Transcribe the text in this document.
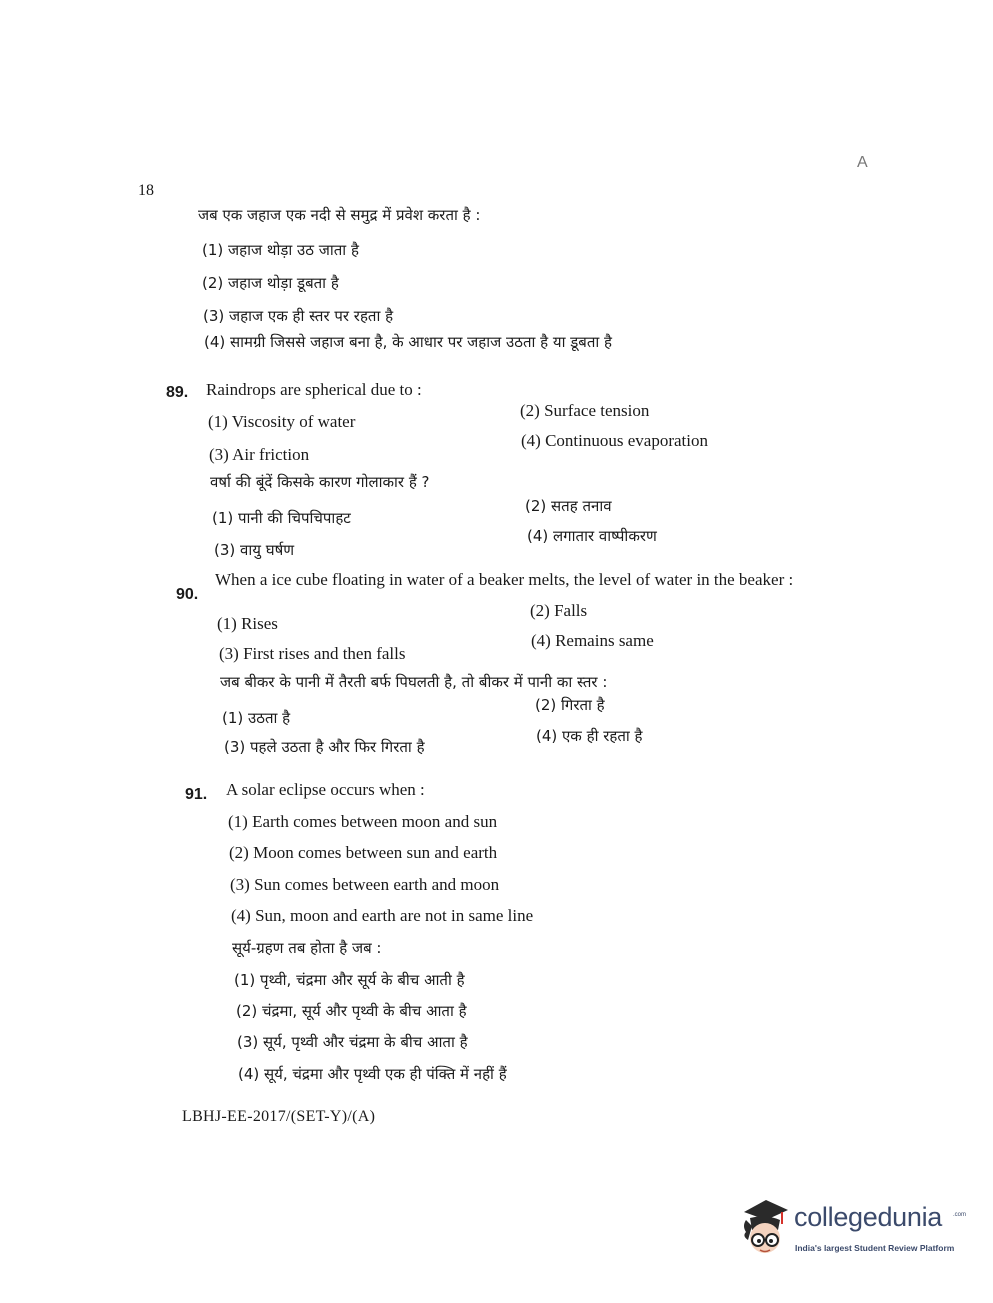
18
A
जब एक जहाज एक नदी से समुद्र में प्रवेश करता है :
(1) जहाज थोड़ा उठ जाता है
(2) जहाज थोड़ा डूबता है
(3) जहाज एक ही स्तर पर रहता है
(4) सामग्री जिससे जहाज बना है, के आधार पर जहाज उठता है या डूबता है
89. Raindrops are spherical due to :
(1) Viscosity of water
(2) Surface tension
(3) Air friction
(4) Continuous evaporation
वर्षा की बूंदें किसके कारण गोलाकार हैं ?
(1) पानी की चिपचिपाहट
(2) सतह तनाव
(3) वायु घर्षण
(4) लगातार वाष्पीकरण
90.
When a ice cube floating in water of a beaker melts, the level of water in the beaker :
(1) Rises
(2) Falls
(3) First rises and then falls
(4) Remains same
जब बीकर के पानी में तैरती बर्फ पिघलती है, तो बीकर में पानी का स्तर :
(1) उठता है
(2) गिरता है
(3) पहले उठता है और फिर गिरता है
(4) एक ही रहता है
91. A solar eclipse occurs when :
(1) Earth comes between moon and sun
(2) Moon comes between sun and earth
(3) Sun comes between earth and moon
(4) Sun, moon and earth are not in same line
सूर्य-ग्रहण तब होता है जब :
(1) पृथ्वी, चंद्रमा और सूर्य के बीच आती है
(2) चंद्रमा, सूर्य और पृथ्वी के बीच आता है
(3) सूर्य, पृथ्वी और चंद्रमा के बीच आता है
(4) सूर्य, चंद्रमा और पृथ्वी एक ही पंक्ति में नहीं हैं
LBHJ-EE-2017/(SET-Y)/(A)
collegedunia .com
India's largest Student Review Platform
